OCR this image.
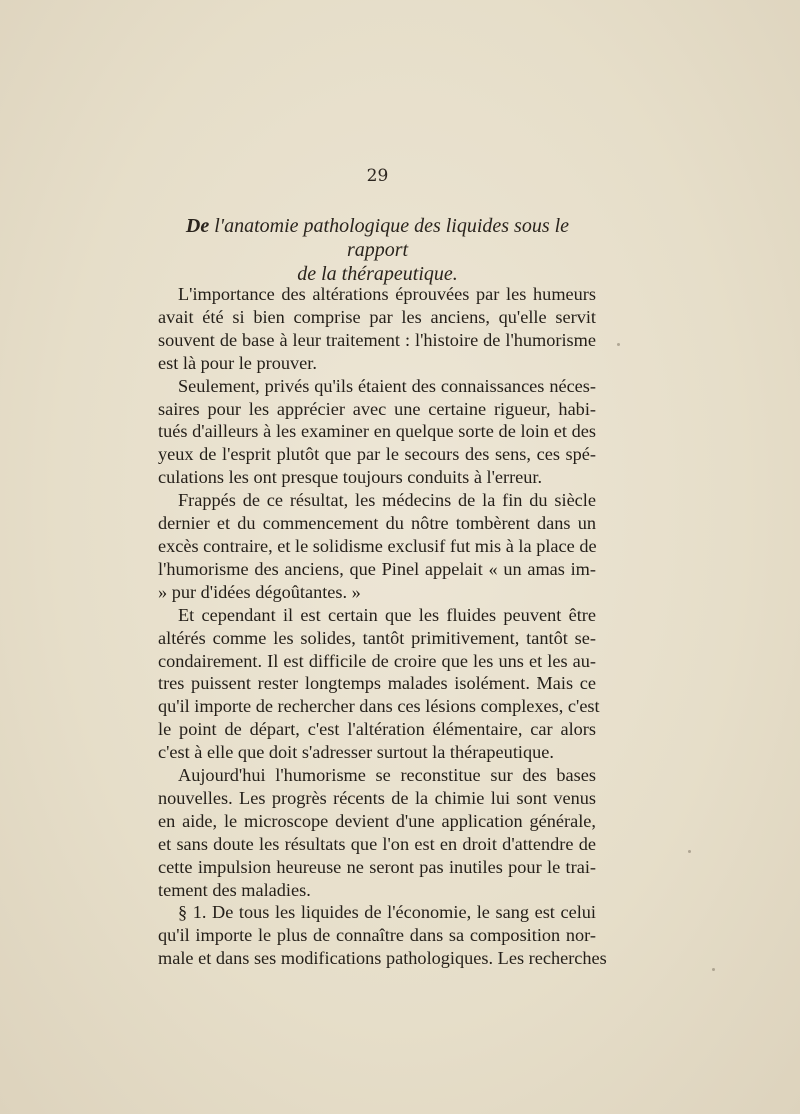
29
De l'anatomie pathologique des liquides sous le rapport
de la thérapeutique.
L'importance des altérations éprouvées par les humeurs
avait été si bien comprise par les anciens, qu'elle servit
souvent de base à leur traitement : l'histoire de l'humorisme
est là pour le prouver.
Seulement, privés qu'ils étaient des connaissances néces-
saires pour les apprécier avec une certaine rigueur, habi-
tués d'ailleurs à les examiner en quelque sorte de loin et des
yeux de l'esprit plutôt que par le secours des sens, ces spé-
culations les ont presque toujours conduits à l'erreur.
Frappés de ce résultat, les médecins de la fin du siècle
dernier et du commencement du nôtre tombèrent dans un
excès contraire, et le solidisme exclusif fut mis à la place de
l'humorisme des anciens, que Pinel appelait « un amas im-
» pur d'idées dégoûtantes. »
Et cependant il est certain que les fluides peuvent être
altérés comme les solides, tantôt primitivement, tantôt se-
condairement. Il est difficile de croire que les uns et les au-
tres puissent rester longtemps malades isolément. Mais ce
qu'il importe de rechercher dans ces lésions complexes, c'est
le point de départ, c'est l'altération élémentaire, car alors
c'est à elle que doit s'adresser surtout la thérapeutique.
Aujourd'hui l'humorisme se reconstitue sur des bases
nouvelles. Les progrès récents de la chimie lui sont venus
en aide, le microscope devient d'une application générale,
et sans doute les résultats que l'on est en droit d'attendre de
cette impulsion heureuse ne seront pas inutiles pour le trai-
tement des maladies.
§ 1. De tous les liquides de l'économie, le sang est celui
qu'il importe le plus de connaître dans sa composition nor-
male et dans ses modifications pathologiques. Les recherches
